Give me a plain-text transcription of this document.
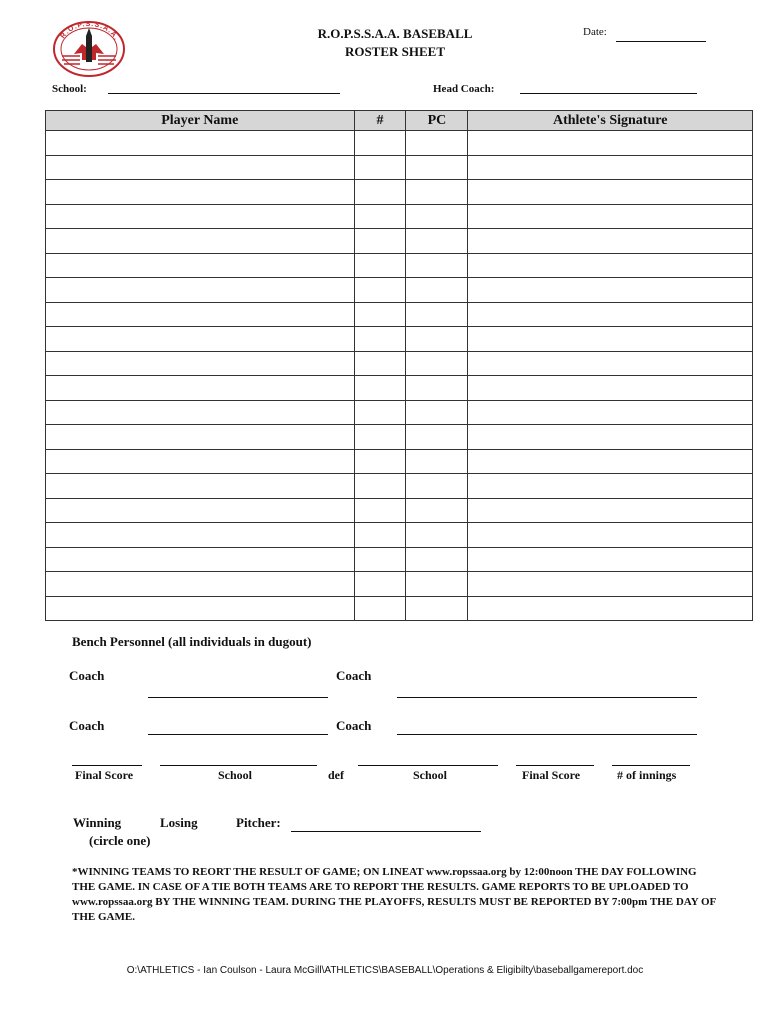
R.O.P.S.S.A.A.	R.O.P.S.S.A.A. BASEBALL
ROSTER SHEET
Date:
School:	Head Coach:
Player Name	#	PC	Athlete's Signature

Bench Personnel (all individuals in dugout)
Coach	Coach
Coach	Coach
Final Score	School	def	School	Final Score	# of innings
Winning	Losing
(circle one)
Pitcher:
*WINNING TEAMS TO REORT THE RESULT OF GAME; ON LINEAT www.ropssaa.org by 12:00noon THE DAY FOLLOWING THE GAME. IN CASE OF A TIE BOTH TEAMS ARE TO REPORT THE RESULTS. GAME REPORTS TO BE UPLOADED TO www.ropssaa.org BY THE WINNING TEAM. DURING THE PLAYOFFS, RESULTS MUST BE REPORTED BY 7:00pm THE DAY OF THE GAME.
O:\ATHLETICS - Ian Coulson - Laura McGill\ATHLETICS\BASEBALL\Operations & Eligibilty\baseballgamereport.doc
